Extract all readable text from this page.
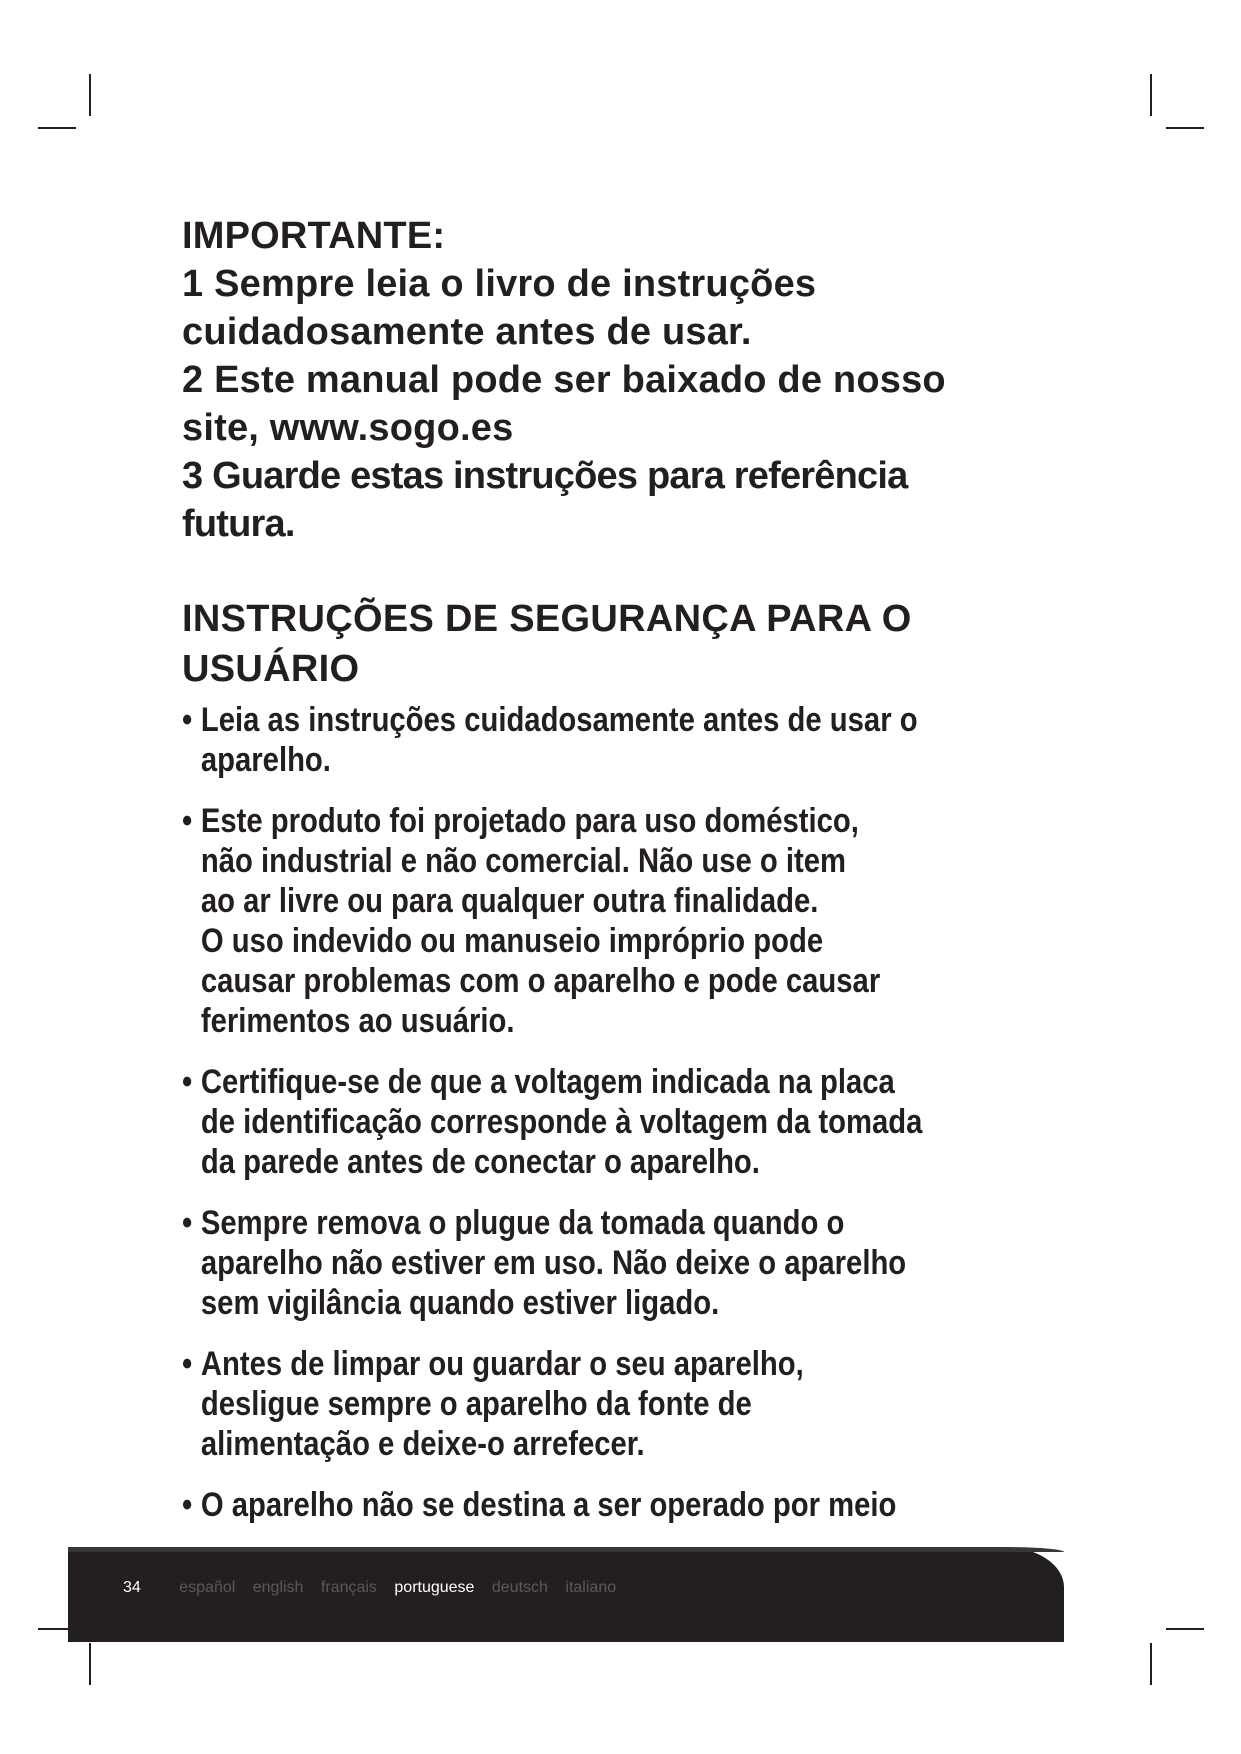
IMPORTANTE:

1 Sempre leia o livro de instruções

cuidadosamente antes de usar.

2 Este manual pode ser baixado de nosso

site, www.sogo.es

3 Guarde estas instruções para referência

futura.

INSTRUÇÕES DE SEGURANÇA PARA O
USUÁRIO
• Leia as instruções cuidadosamente antes de usar o
aparelho.
• Este produto foi projetado para uso doméstico,
não industrial e não comercial. Não use o item
ao ar livre ou para qualquer outra finalidade.
O uso indevido ou manuseio impróprio pode
causar problemas com o aparelho e pode causar
ferimentos ao usuário.
• Certifique-se de que a voltagem indicada na placa
de identificação corresponde à voltagem da tomada
da parede antes de conectar o aparelho.
• Sempre remova o plugue da tomada quando o
aparelho não estiver em uso. Não deixe o aparelho
sem vigilância quando estiver ligado.
• Antes de limpar ou guardar o seu aparelho,
desligue sempre o aparelho da fonte de
alimentação e deixe-o arrefecer.
• O aparelho não se destina a ser operado por meio
34 español english français portuguese deutsch italiano
